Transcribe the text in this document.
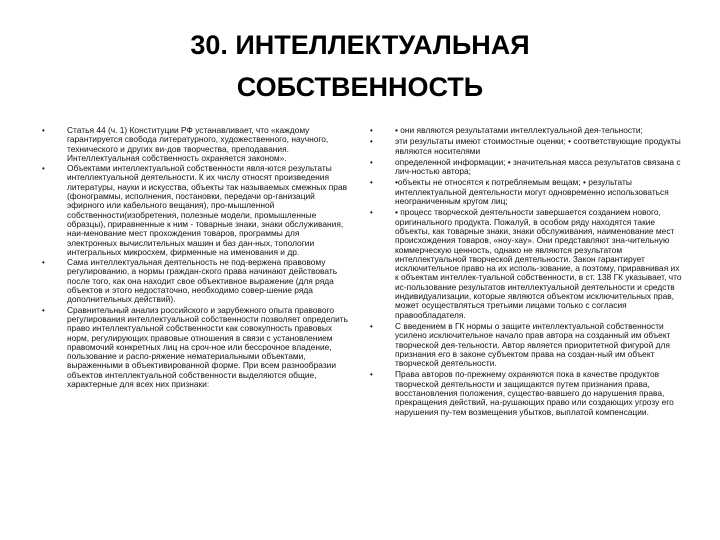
30. ИНТЕЛЛЕКТУАЛЬНАЯ
СОБСТВЕННОСТЬ
•	Статья 44 (ч. 1) Конституции РФ устанавливает, что «каждому гарантируется свобода литературного, художественного, научного, технического и других ви-дов творчества, преподавания. Интеллектуальная собственность охраняется законом».
•	Объектами интеллектуальной собственности явля-ются результаты интеллектуальной деятельности. К их числу относят произведения литературы, науки и искусства, объекты так называемых смежных прав (фонограммы, исполнения, постановки, передачи ор-ганизаций эфирного или кабельного вещания), про-мышленной собственности(изобретения, полезные модели, промышленные образцы), приравненные к ним - товарные знаки, знаки обслуживания, наи-менование мест прохождения товаров, программы для электронных вычислительных машин и баз дан-ных, топологии интегральных микросхем, фирменные на именования и др.
•	Сама интеллектуальная деятельность не под-вержена правовому регулированию, а нормы граждан-ского права начинают действовать после того, как она находит свое объективное выражение (для ряда объектов и этого недостаточно, необходимо совер-шение ряда дополнительных действий).
•	Сравнительный анализ российского и зарубежного опыта правового регулирования интеллектуальной собственности позволяет определить право интеллектуальной собственности как совокупность правовых норм, регулирующих правовые отношения в связи с установлением правомочий конкретных лиц на сроч-ное или бессрочное владение, пользование и распо-ряжение нематериальными объектами, выраженными в объективированной форме. При всем разнообразии объектов интеллектуальной собственности выделяются общие, характерные для всех них признаки:
•	• они являются результатами интеллектуальной дея-тельности;
•	эти результаты имеют стоимостные оценки; • соответствующие продукты являются носителями
•	определенной информации; • значительная масса результатов связана с лич-ностью автора;
•	•объекты не относятся к потребляемым вещам; • результаты интеллектуальной деятельности могут одновременно использоваться неограниченным кругом лиц;
•	• процесс творческой деятельности завершается созданием нового, оригинального продукта. Пожалуй, в особом ряду находятся такие объекты, как товарные знаки, знаки обслуживания, наименование мест происхождения товаров, «ноу-хау». Они представляют зна-чительную коммерческую ценность, однако не являются результатом интеллектуальной творческой деятельности. Закон гарантирует исключительное право на их исполь-зование, а поэтому, приравнивая их к объектам интеллек-туальной собственности, в ст. 138 ГК указывает, что ис-пользование результатов интеллектуальной деятельности и средств индивидуализации, которые являются объектом исключительных прав, может осуществляться третьими лицами только с согласия правообладателя.
•	С введением в ГК нормы о защите интеллектуальной собственности усилено исключительное начало прав автора на созданный им объект творческой дея-тельности. Автор является приоритетной фигурой для признания его в законе субъектом права на создан-ный им объект творческой деятельности.
•	Права авторов по-прежнему охраняются пока в качестве продуктов творческой деятельности и защищаются путем признания права, восстановления положения, существо-вавшего до нарушения права, прекращения действий, на-рушающих право или создающих угрозу его нарушения пу-тем возмещения убытков, выплатой компенсации.
